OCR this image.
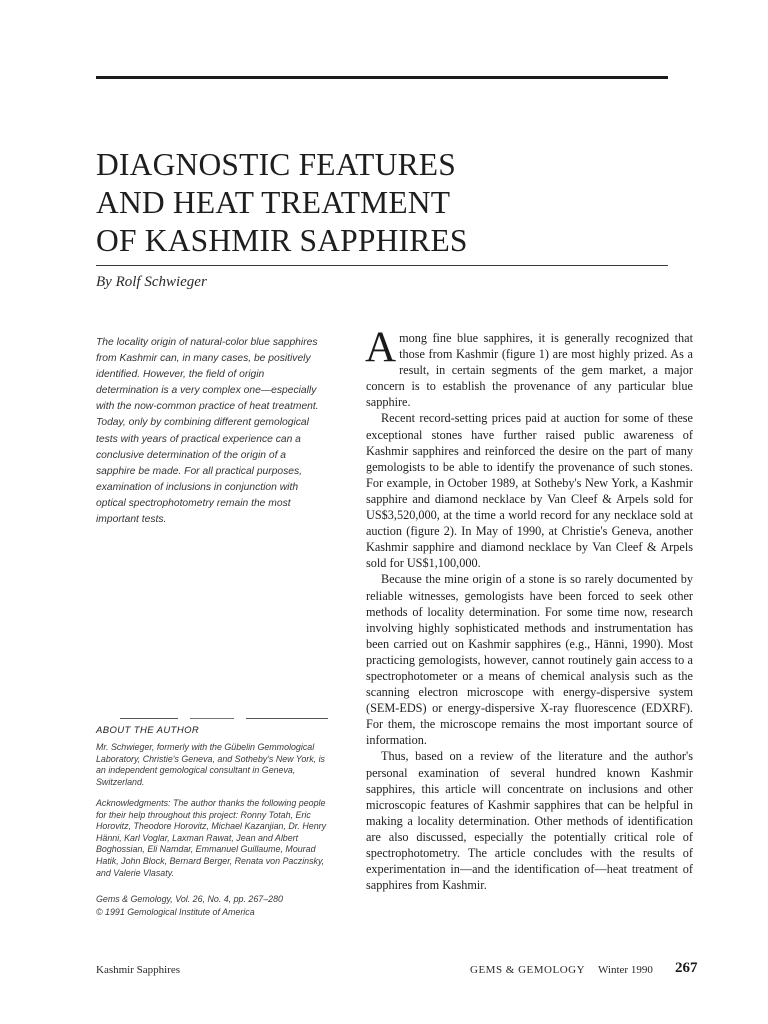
DIAGNOSTIC FEATURES
AND HEAT TREATMENT
OF KASHMIR SAPPHIRES

By Rolf Schwieger

The locality origin of natural-color blue sapphires from Kashmir can, in many cases, be positively identified. However, the field of origin determination is a very complex one—especially with the now-common practice of heat treatment. Today, only by combining different gemological tests with years of practical experience can a conclusive determination of the origin of a sapphire be made. For all practical purposes, examination of inclusions in conjunction with optical spectrophotometry remain the most important tests.

ABOUT THE AUTHOR

Mr. Schwieger, formerly with the Gübelin Gemmological Laboratory, Christie's Geneva, and Sotheby's New York, is an independent gemological consultant in Geneva, Switzerland.

Acknowledgments: The author thanks the following people for their help throughout this project: Ronny Totah, Eric Horovitz, Theodore Horovitz, Michael Kazanjian, Dr. Henry Hänni, Karl Voglar, Laxman Rawat, Jean and Albert Boghossian, Eli Namdar, Emmanuel Guillaume, Mourad Hatik, John Block, Bernard Berger, Renata von Paczinsky, and Valerie Vlasaty.

Gems & Gemology, Vol. 26, No. 4, pp. 267–280

© 1991 Gemological Institute of America

Among fine blue sapphires, it is generally recognized that those from Kashmir (figure 1) are most highly prized. As a result, in certain segments of the gem market, a major concern is to establish the provenance of any particular blue sapphire.

Recent record-setting prices paid at auction for some of these exceptional stones have further raised public awareness of Kashmir sapphires and reinforced the desire on the part of many gemologists to be able to identify the provenance of such stones. For example, in October 1989, at Sotheby's New York, a Kashmir sapphire and diamond necklace by Van Cleef & Arpels sold for US$3,520,000, at the time a world record for any necklace sold at auction (figure 2). In May of 1990, at Christie's Geneva, another Kashmir sapphire and diamond necklace by Van Cleef & Arpels sold for US$1,100,000.

Because the mine origin of a stone is so rarely documented by reliable witnesses, gemologists have been forced to seek other methods of locality determination. For some time now, research involving highly sophisticated methods and instrumentation has been carried out on Kashmir sapphires (e.g., Hänni, 1990). Most practicing gemologists, however, cannot routinely gain access to a spectrophotometer or a means of chemical analysis such as the scanning electron microscope with energy-dispersive system (SEM-EDS) or energy-dispersive X-ray fluorescence (EDXRF). For them, the microscope remains the most important source of information.

Thus, based on a review of the literature and the author's personal examination of several hundred known Kashmir sapphires, this article will concentrate on inclusions and other microscopic features of Kashmir sapphires that can be helpful in making a locality determination. Other methods of identification are also discussed, especially the potentially critical role of spectrophotometry. The article concludes with the results of experimentation in—and the identification of—heat treatment of sapphires from Kashmir.

Kashmir Sapphires	GEMS & GEMOLOGY Winter 1990 267
